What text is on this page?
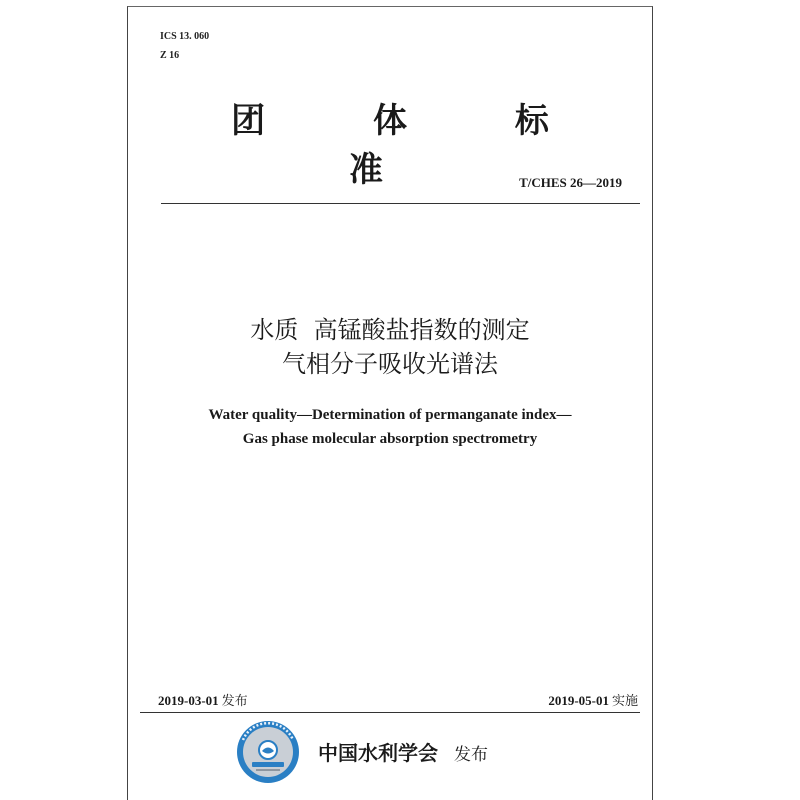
ICS 13. 060
Z 16
团 体 标 准	T/CHES 26—2019
水质  高锰酸盐指数的测定
气相分子吸收光谱法
Water quality—Determination of permanganate index—
Gas phase molecular absorption spectrometry
2019-03-01 发布	2019-05-01 实施
中国水利学会 发布
